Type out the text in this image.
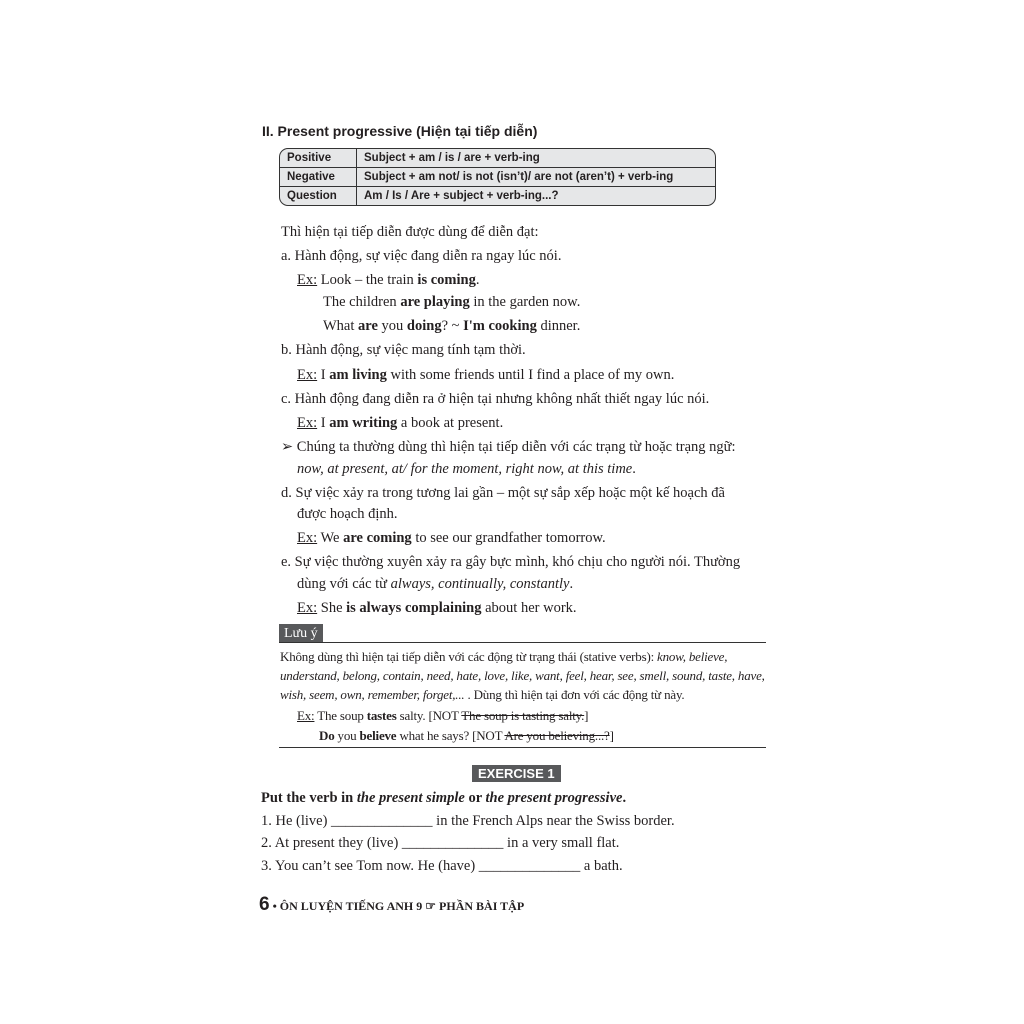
II. Present progressive (Hiện tại tiếp diễn)
Positive	Subject + am / is / are + verb-ing
Negative	Subject + am not/ is not (isn’t)/ are not (aren’t) + verb-ing
Question	Am / Is / Are + subject + verb-ing...?
Thì hiện tại tiếp diễn được dùng để diễn đạt:
a. Hành động, sự việc đang diễn ra ngay lúc nói.
Ex: Look – the train is coming.
The children are playing in the garden now.
What are you doing? ~ I'm cooking dinner.
b. Hành động, sự việc mang tính tạm thời.
Ex: I am living with some friends until I find a place of my own.
c. Hành động đang diễn ra ở hiện tại nhưng không nhất thiết ngay lúc nói.
Ex: I am writing a book at present.
➢ Chúng ta thường dùng thì hiện tại tiếp diễn với các trạng từ hoặc trạng ngữ:
now, at present, at/ for the moment, right now, at this time.
d. Sự việc xảy ra trong tương lai gần – một sự sắp xếp hoặc một kế hoạch đã
được hoạch định.
Ex: We are coming to see our grandfather tomorrow.
e. Sự việc thường xuyên xảy ra gây bực mình, khó chịu cho người nói. Thường
dùng với các từ always, continually, constantly.
Ex: She is always complaining about her work.
Lưu ý
Không dùng thì hiện tại tiếp diễn với các động từ trạng thái (stative verbs): know, believe,
understand, belong, contain, need, hate, love, like, want, feel, hear, see, smell, sound, taste, have,
wish, seem, own, remember, forget,... . Dùng thì hiện tại đơn với các động từ này.
Ex: The soup tastes salty. [NOT The soup is tasting salty.]
Do you believe what he says? [NOT Are you believing...?]
EXERCISE 1
Put the verb in the present simple or the present progressive.
1. He (live) ______________ in the French Alps near the Swiss border.
2. At present they (live) ______________ in a very small flat.
3. You can’t see Tom now. He (have) ______________ a bath.
6 • ÔN LUYỆN TIẾNG ANH 9 ☞ PHẦN BÀI TẬP
